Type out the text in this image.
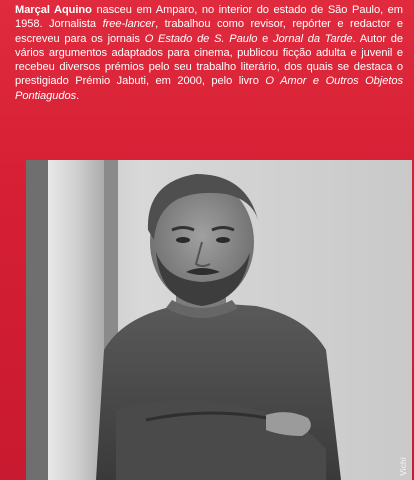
Marçal Aquino nasceu em Amparo, no interior do estado de São Paulo, em 1958. Jornalista free-lancer, trabalhou como revisor, repórter e redactor e escreveu para os jornais O Estado de S. Paulo e Jornal da Tarde. Autor de vários argumentos adaptados para cinema, publicou ficção adulta e juvenil e recebeu diversos prémios pelo seu trabalho literário, dos quais se destaca o prestigiado Prémio Jabuti, em 2000, pelo livro O Amor e Outros Objetos Pontiagudos.

Vichi
